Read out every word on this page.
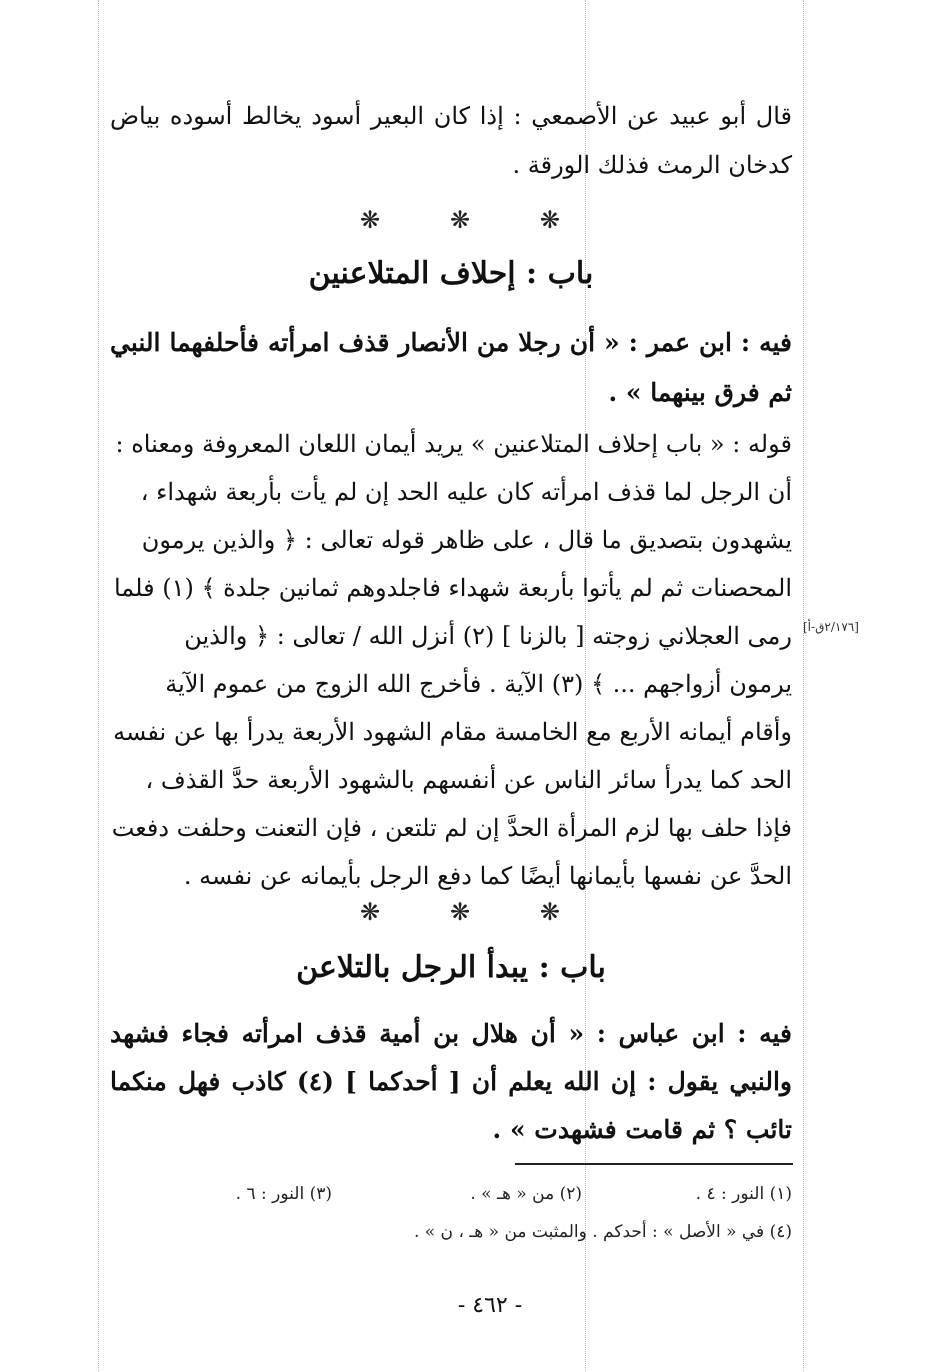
قال أبو عبيد عن الأصمعي : إذا كان البعير أسود يخالط أسوده بياض كدخان الرمث فذلك الورقة .

❋	❋	❋
باب : إحلاف المتلاعنين

فيه : ابن عمر : « أن رجلا من الأنصار قذف امرأته فأحلفهما النبي ثم فرق بينهما » .

قوله : « باب إحلاف المتلاعنين » يريد أيمان اللعان المعروفة ومعناه :
أن الرجل لما قذف امرأته كان عليه الحد إن لم يأت بأربعة شهداء ،
يشهدون بتصديق ما قال ، على ظاهر قوله تعالى : ﴿ والذين يرمون
المحصنات ثم لم يأتوا بأربعة شهداء فاجلدوهم ثمانين جلدة ﴾ (١) فلما
رمى العجلاني زوجته [ بالزنا ] (٢) أنزل الله / تعالى : ﴿ والذين
يرمون أزواجهم ... ﴾ (٣) الآية . فأخرج الله الزوج من عموم الآية
وأقام أيمانه الأربع مع الخامسة مقام الشهود الأربعة يدرأ بها عن نفسه
الحد كما يدرأ سائر الناس عن أنفسهم بالشهود الأربعة حدَّ القذف ،
فإذا حلف بها لزم المرأة الحدَّ إن لم تلتعن ، فإن التعنت وحلفت دفعت
الحدَّ عن نفسها بأيمانها أيضًا كما دفع الرجل بأيمانه عن نفسه .
[٢/١٧٦ق-أ]
❋	❋	❋
باب : يبدأ الرجل بالتلاعن

فيه : ابن عباس : « أن هلال بن أمية قذف امرأته فجاء فشهد والنبي يقول : إن الله يعلم أن [ أحدكما ] (٤) كاذب فهل منكما تائب ؟ ثم قامت فشهدت » .

(١) النور : ٤ .
(٢) من « هـ » .
(٣) النور : ٦ .
(٤) في « الأصل » : أحدكم . والمثبت من « هـ ، ن » .
- ٤٦٢ -
